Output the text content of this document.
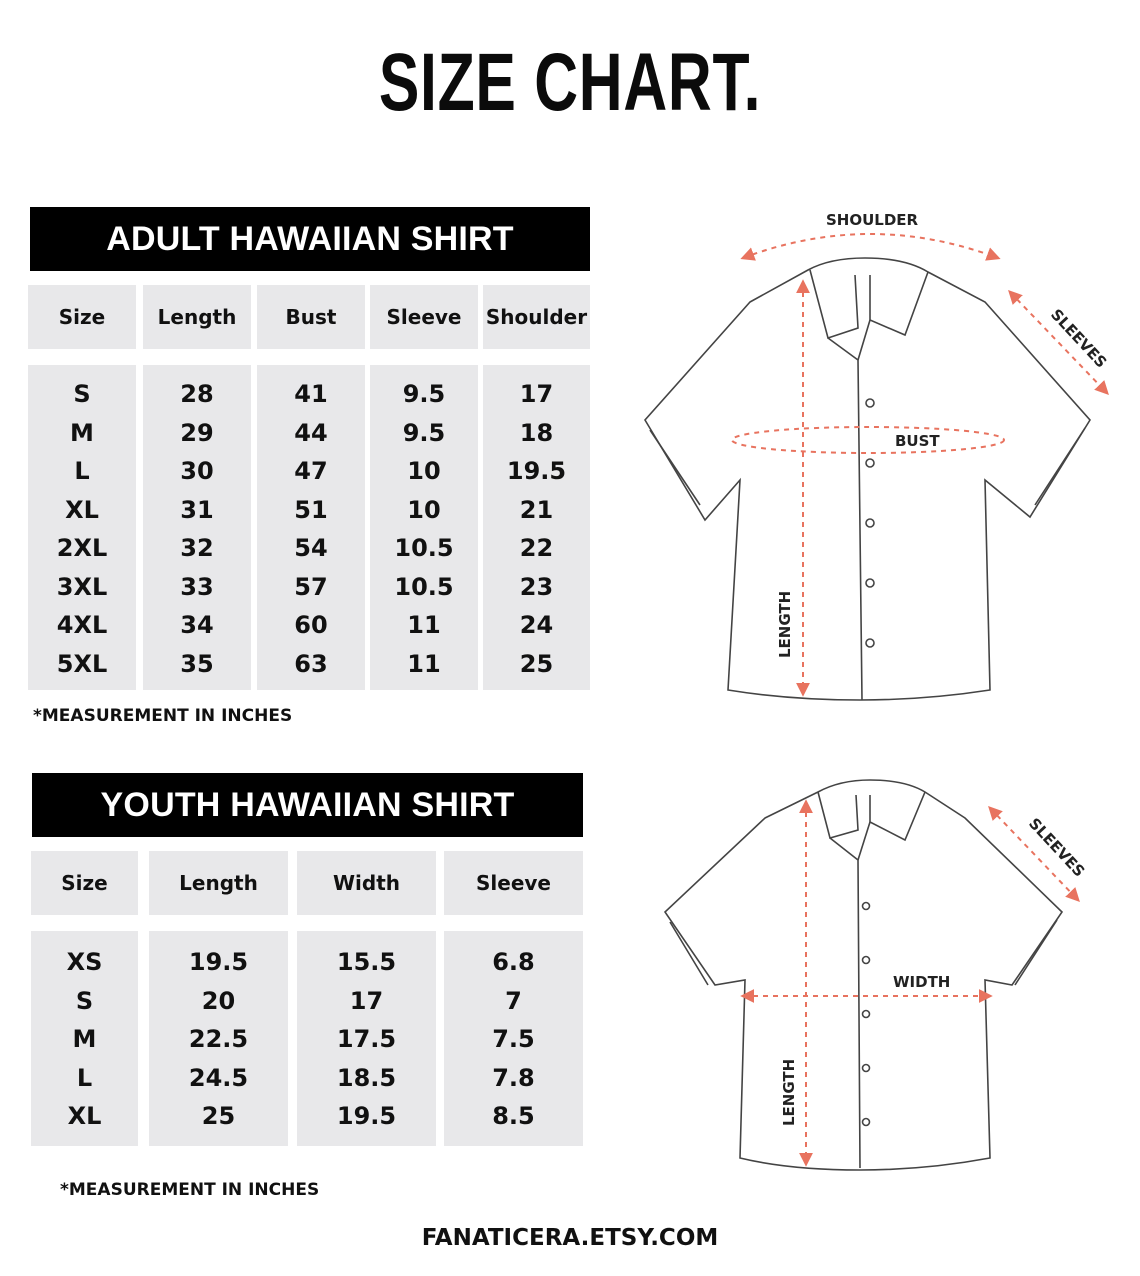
SIZE CHART.
ADULT HAWAIIAN SHIRT
Size
S
M
L
XL
2XL
3XL
4XL
5XL
Length
28
29
30
31
32
33
34
35
Bust
41
44
47
51
54
57
60
63
Sleeve
9.5
9.5
10
10
10.5
10.5
11
11
Shoulder
17
18
19.5
21
22
23
24
25
*MEASUREMENT IN INCHES
YOUTH HAWAIIAN SHIRT
Size
XS
S
M
L
XL
Length
19.5
20
22.5
24.5
25
Width
15.5
17
17.5
18.5
19.5
Sleeve
6.8
7
7.5
7.8
8.5
*MEASUREMENT IN INCHES
FANATICERA.ETSY.COM
SHOULDER
SLEEVES
BUST
LENGTH
SLEEVES
WIDTH
LENGTH
